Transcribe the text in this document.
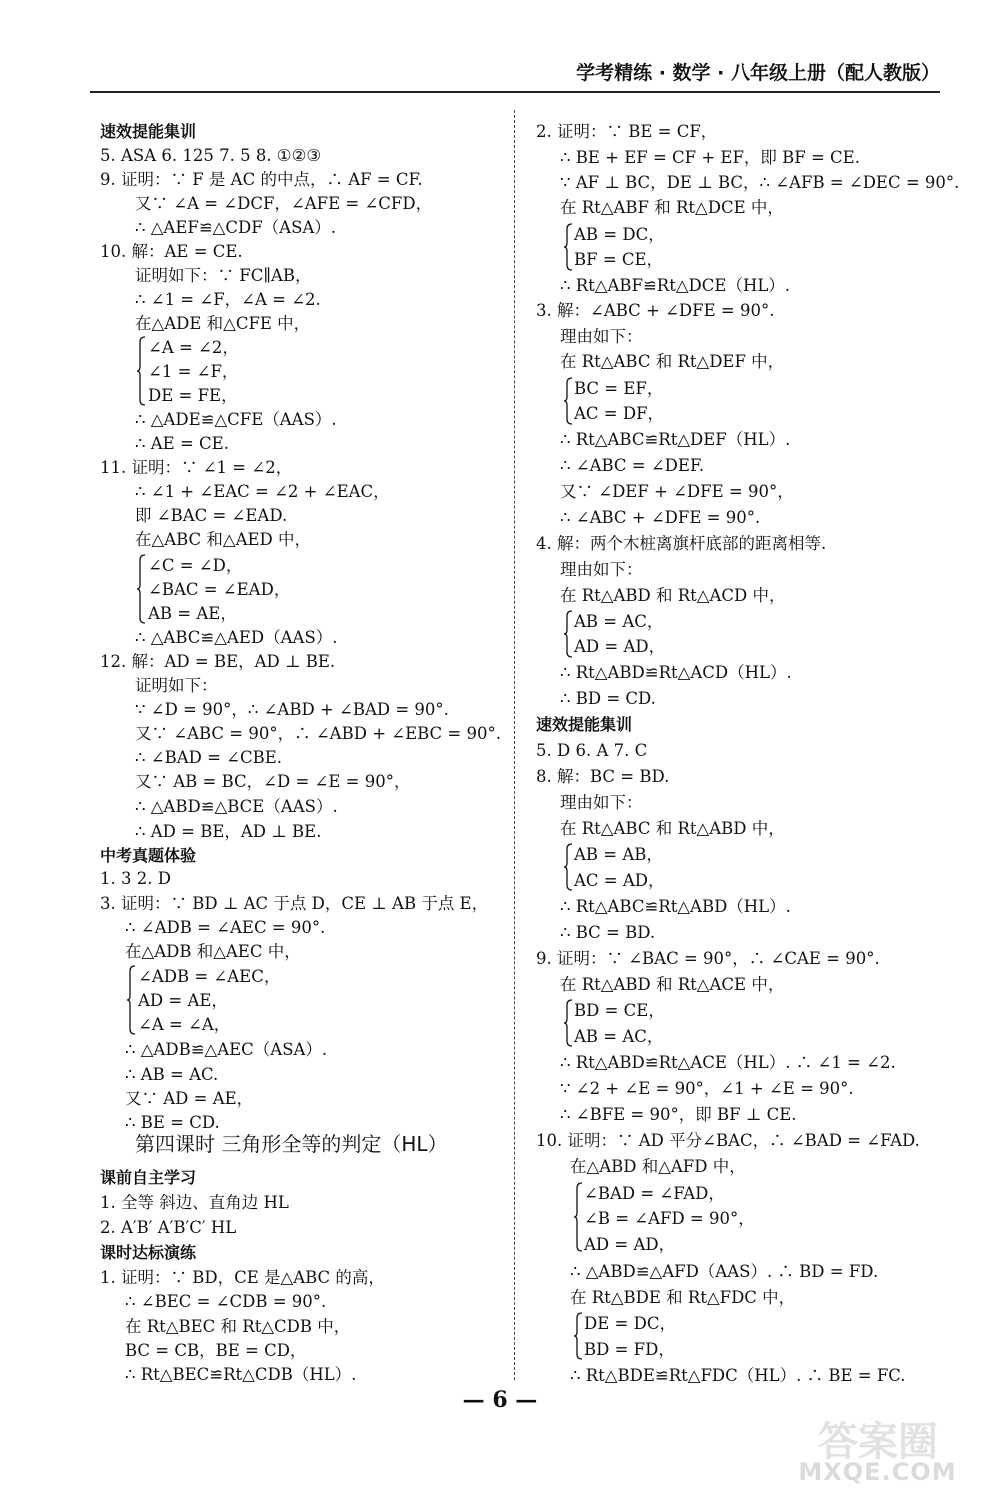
学考精练 · 数学 · 八年级上册（配人教版）
速效提能集训
5. ASA 6. 125 7. 5 8. ①②③
9. 证明：∵ F 是 AC 的中点，∴ AF = CF.
又∵ ∠A = ∠DCF，∠AFE = ∠CFD，
∴ △AEF≌△CDF（ASA）.
10. 解：AE = CE.
证明如下：∵ FC∥AB，
∴ ∠1 = ∠F，∠A = ∠2.
在△ADE 和△CFE 中，
∠A = ∠2，
∠1 = ∠F，
DE = FE，
∴ △ADE≌△CFE（AAS）.
∴ AE = CE.
11. 证明：∵ ∠1 = ∠2，
∴ ∠1 + ∠EAC = ∠2 + ∠EAC，
即 ∠BAC = ∠EAD.
在△ABC 和△AED 中，
∠C = ∠D，
∠BAC = ∠EAD，
AB = AE，
∴ △ABC≌△AED（AAS）.
12. 解：AD = BE，AD ⊥ BE.
证明如下：
∵ ∠D = 90°，∴ ∠ABD + ∠BAD = 90°.
又∵ ∠ABC = 90°，∴ ∠ABD + ∠EBC = 90°.
∴ ∠BAD = ∠CBE.
又∵ AB = BC，∠D = ∠E = 90°，
∴ △ABD≌△BCE（AAS）.
∴ AD = BE，AD ⊥ BE.
中考真题体验
1. 3 2. D
3. 证明：∵ BD ⊥ AC 于点 D，CE ⊥ AB 于点 E，
∴ ∠ADB = ∠AEC = 90°.
在△ADB 和△AEC 中，
∠ADB = ∠AEC，
AD = AE，
∠A = ∠A，
∴ △ADB≌△AEC（ASA）.
∴ AB = AC.
又∵ AD = AE，
∴ BE = CD.
第四课时 三角形全等的判定（HL）
课前自主学习
1. 全等 斜边、直角边 HL
2. A′B′ A′B′C′ HL
课时达标演练
1. 证明：∵ BD，CE 是△ABC 的高，
∴ ∠BEC = ∠CDB = 90°.
在 Rt△BEC 和 Rt△CDB 中，
BC = CB，BE = CD，
∴ Rt△BEC≌Rt△CDB（HL）.
2. 证明：∵ BE = CF，
∴ BE + EF = CF + EF，即 BF = CE.
∵ AF ⊥ BC，DE ⊥ BC，∴ ∠AFB = ∠DEC = 90°.
在 Rt△ABF 和 Rt△DCE 中，
AB = DC，
BF = CE，
∴ Rt△ABF≌Rt△DCE（HL）.
3. 解：∠ABC + ∠DFE = 90°.
理由如下：
在 Rt△ABC 和 Rt△DEF 中，
BC = EF，
AC = DF，
∴ Rt△ABC≌Rt△DEF（HL）.
∴ ∠ABC = ∠DEF.
又∵ ∠DEF + ∠DFE = 90°，
∴ ∠ABC + ∠DFE = 90°.
4. 解：两个木桩离旗杆底部的距离相等.
理由如下：
在 Rt△ABD 和 Rt△ACD 中，
AB = AC，
AD = AD，
∴ Rt△ABD≌Rt△ACD（HL）.
∴ BD = CD.
速效提能集训
5. D 6. A 7. C
8. 解：BC = BD.
理由如下：
在 Rt△ABC 和 Rt△ABD 中，
AB = AB，
AC = AD，
∴ Rt△ABC≌Rt△ABD（HL）.
∴ BC = BD.
9. 证明：∵ ∠BAC = 90°，∴ ∠CAE = 90°.
在 Rt△ABD 和 Rt△ACE 中，
BD = CE，
AB = AC，
∴ Rt△ABD≌Rt△ACE（HL）. ∴ ∠1 = ∠2.
∵ ∠2 + ∠E = 90°，∠1 + ∠E = 90°.
∴ ∠BFE = 90°，即 BF ⊥ CE.
10. 证明：∵ AD 平分∠BAC，∴ ∠BAD = ∠FAD.
在△ABD 和△AFD 中，
∠BAD = ∠FAD，
∠B = ∠AFD = 90°，
AD = AD，
∴ △ABD≌△AFD（AAS）. ∴ BD = FD.
在 Rt△BDE 和 Rt△FDC 中，
DE = DC，
BD = FD，
∴ Rt△BDE≌Rt△FDC（HL）. ∴ BE = FC.
— 6 —
答案圈
MXQE.COM
